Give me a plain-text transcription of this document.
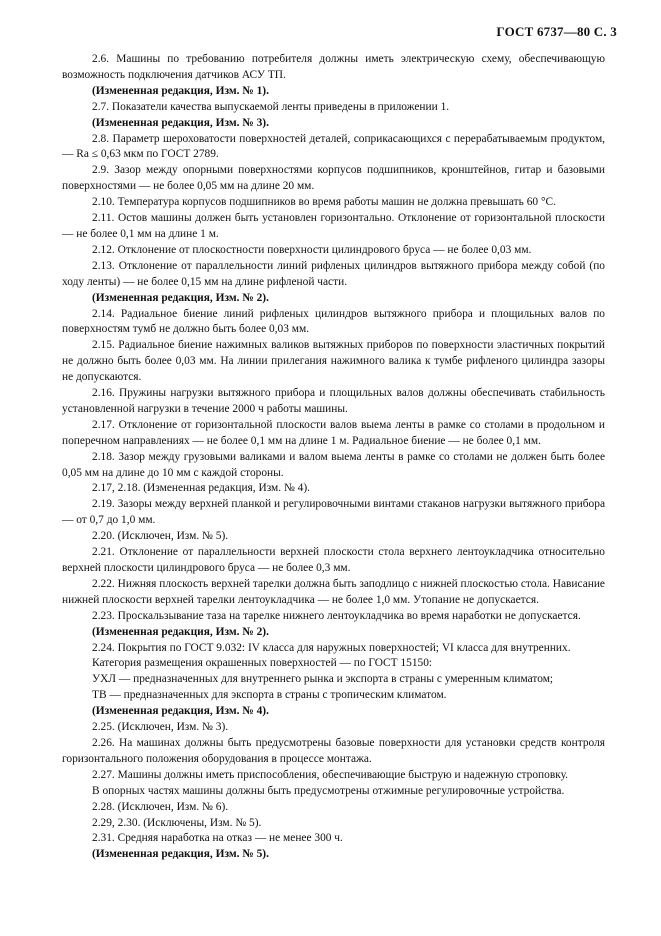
ГОСТ 6737—80 С. 3

2.6. Машины по требованию потребителя должны иметь электрическую схему, обеспечивающую возможность подключения датчиков АСУ ТП.

(Измененная редакция, Изм. № 1).

2.7. Показатели качества выпускаемой ленты приведены в приложении 1.

(Измененная редакция, Изм. № 3).

2.8. Параметр шероховатости поверхностей деталей, соприкасающихся с перерабатываемым продуктом, — Ra ≤ 0,63 мкм по ГОСТ 2789.

2.9. Зазор между опорными поверхностями корпусов подшипников, кронштейнов, гитар и базовыми поверхностями — не более 0,05 мм на длине 20 мм.

2.10. Температура корпусов подшипников во время работы машин не должна превышать 60 °С.

2.11. Остов машины должен быть установлен горизонтально. Отклонение от горизонтальной плоскости — не более 0,1 мм на длине 1 м.

2.12. Отклонение от плоскостности поверхности цилиндрового бруса — не более 0,03 мм.

2.13. Отклонение от параллельности линий рифленых цилиндров вытяжного прибора между собой (по ходу ленты) — не более 0,15 мм на длине рифленой части.

(Измененная редакция, Изм. № 2).

2.14. Радиальное биение линий рифленых цилиндров вытяжного прибора и площильных валов по поверхностям тумб не должно быть более 0,03 мм.

2.15. Радиальное биение нажимных валиков вытяжных приборов по поверхности эластичных покрытий не должно быть более 0,03 мм. На линии прилегания нажимного валика к тумбе рифленого цилиндра зазоры не допускаются.

2.16. Пружины нагрузки вытяжного прибора и площильных валов должны обеспечивать стабильность установленной нагрузки в течение 2000 ч работы машины.

2.17. Отклонение от горизонтальной плоскости валов выема ленты в рамке со столами в продольном и поперечном направлениях — не более 0,1 мм на длине 1 м. Радиальное биение — не более 0,1 мм.

2.18. Зазор между грузовыми валиками и валом выема ленты в рамке со столами не должен быть более 0,05 мм на длине до 10 мм с каждой стороны.

2.17, 2.18. (Измененная редакция, Изм. № 4).

2.19. Зазоры между верхней планкой и регулировочными винтами стаканов нагрузки вытяжного прибора — от 0,7 до 1,0 мм.

2.20. (Исключен, Изм. № 5).

2.21. Отклонение от параллельности верхней плоскости стола верхнего лентоукладчика относительно верхней плоскости цилиндрового бруса — не более 0,3 мм.

2.22. Нижняя плоскость верхней тарелки должна быть заподлицо с нижней плоскостью стола. Нависание нижней плоскости верхней тарелки лентоукладчика — не более 1,0 мм. Утопание не допускается.

2.23. Проскальзывание таза на тарелке нижнего лентоукладчика во время наработки не допускается.

(Измененная редакция, Изм. № 2).

2.24. Покрытия по ГОСТ 9.032: IV класса для наружных поверхностей; VI класса для внутренних.

Категория размещения окрашенных поверхностей — по ГОСТ 15150:

УХЛ — предназначенных для внутреннего рынка и экспорта в страны с умеренным климатом;

ТВ — предназначенных для экспорта в страны с тропическим климатом.

(Измененная редакция, Изм. № 4).

2.25. (Исключен, Изм. № 3).

2.26. На машинах должны быть предусмотрены базовые поверхности для установки средств контроля горизонтального положения оборудования в процессе монтажа.

2.27. Машины должны иметь приспособления, обеспечивающие быструю и надежную строповку.

В опорных частях машины должны быть предусмотрены отжимные регулировочные устройства.

2.28. (Исключен, Изм. № 6).

2.29, 2.30. (Исключены, Изм. № 5).

2.31. Средняя наработка на отказ — не менее 300 ч.

(Измененная редакция, Изм. № 5).
